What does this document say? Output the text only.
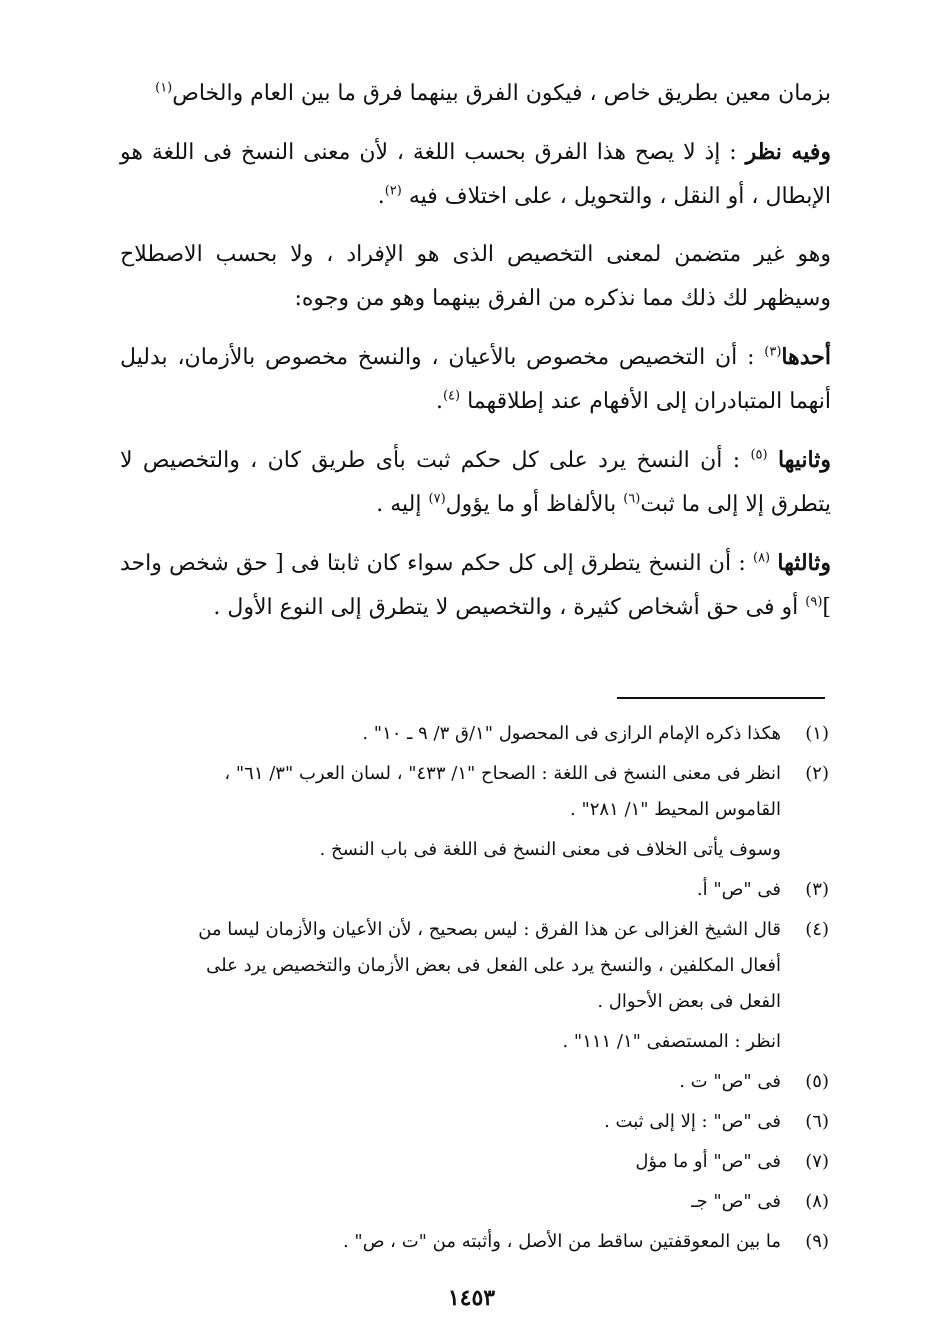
بزمان معين بطريق خاص ، فيكون الفرق بينهما فرق ما بين العام والخاص$^{(١)}$

وفيه نظر : إذ لا يصح هذا الفرق بحسب اللغة ، لأن معنى النسخ فى اللغة هو الإبطال ، أو النقل ، والتحويل ، على اختلاف فيه $^{(٢)}$.

وهو غير متضمن لمعنى التخصيص الذى هو الإفراد ، ولا بحسب الاصطلاح وسيظهر لك ذلك مما نذكره من الفرق بينهما وهو من وجوه:

أحدها$^{(٣)}$ : أن التخصيص مخصوص بالأعيان ، والنسخ مخصوص بالأزمان، بدليل أنهما المتبادران إلى الأفهام عند إطلاقهما $^{(٤)}$.

وثانيها $^{(٥)}$ : أن النسخ يرد على كل حكم ثبت بأى طريق كان ، والتخصيص لا يتطرق إلا إلى ما ثبت$^{(٦)}$ بالألفاظ أو ما يؤول$^{(٧)}$ إليه .

وثالثها $^{(٨)}$ : أن النسخ يتطرق إلى كل حكم سواء كان ثابتا فى [ حق شخص واحد ]$^{(٩)}$ أو فى حق أشخاص كثيرة ، والتخصيص لا يتطرق إلى النوع الأول .

(١)
هكذا ذكره الإمام الرازى فى المحصول "١/ق ٣/ ٩ ـ ١٠" .
(٢)
انظر فى معنى النسخ فى اللغة : الصحاح "١/ ٤٣٣" ، لسان العرب "٣/ ٦١" ،
القاموس المحيط "١/ ٢٨١" .
وسوف يأتى الخلاف فى معنى النسخ فى اللغة فى باب النسخ .
(٣)
فى "ص" أ.
(٤)
قال الشيخ الغزالى عن هذا الفرق : ليس بصحيح ، لأن الأعيان والأزمان ليسا من
أفعال المكلفين ، والنسخ يرد على الفعل فى بعض الأزمان والتخصيص يرد على
الفعل فى بعض الأحوال .
انظر : المستصفى "١/ ١١١" .
(٥)
فى "ص" ت .
(٦)
فى "ص" : إلا إلى ثبت .
(٧)
فى "ص" أو ما مؤل
(٨)
فى "ص" جـ
(٩)
ما بين المعوقفتين ساقط من الأصل ، وأثبته من "ت ، ص" .
١٤٥٣
